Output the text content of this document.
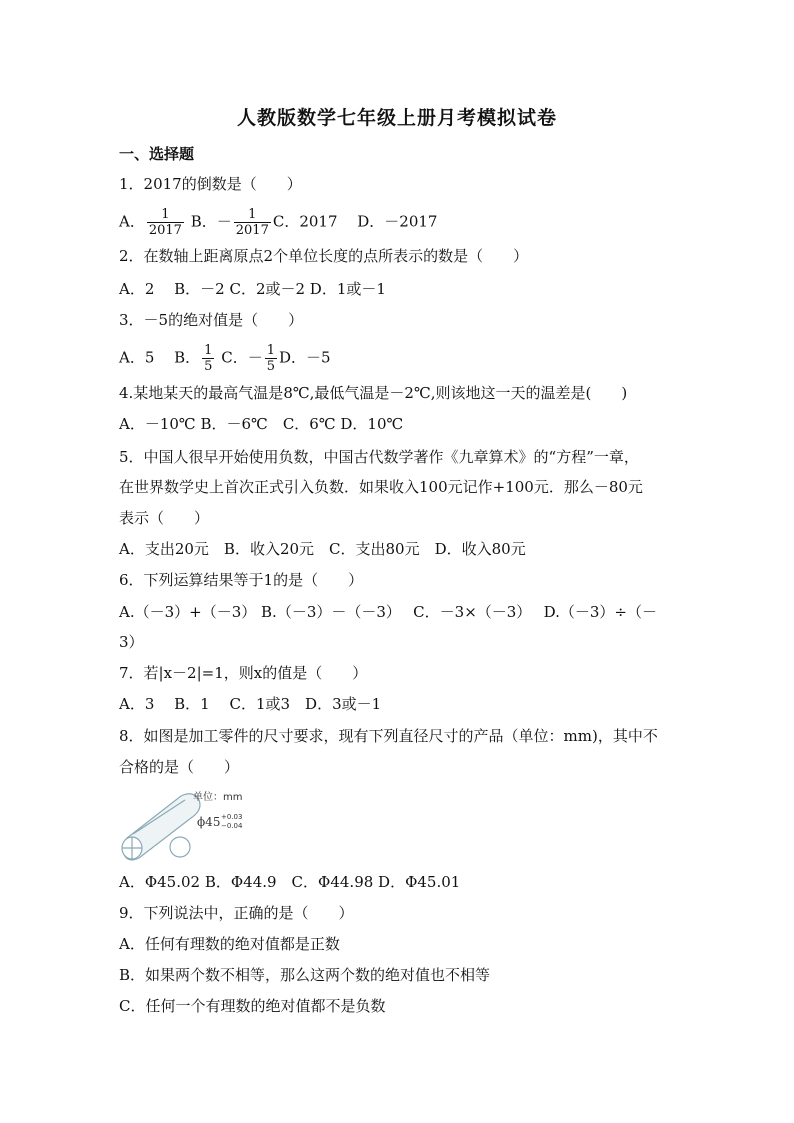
人教版数学七年级上册月考模拟试卷
一、选择题
1．2017的倒数是（　　）
A． $\frac{1}{2017}$ B．－ $\frac{1}{2017}$ C．2017　 D．－2017
2．在数轴上距离原点2个单位长度的点所表示的数是（　　）
A．2　 B．－2 C．2或－2 D．1或－1
3．－5的绝对值是（　　）
A．5　 B． $\frac{1}{5}$ C．－ $\frac{1}{5}$ D．－5
4.某地某天的最高气温是8℃,最低气温是－2℃,则该地这一天的温差是(　　)
A．－10℃ B．－6℃　C．6℃ D．10℃
5．中国人很早开始使用负数，中国古代数学著作《九章算术》的“方程”一章，
在世界数学史上首次正式引入负数．如果收入100元记作+100元．那么－80元
表示（　　）
A．支出20元　B．收入20元　C．支出80元　D．收入80元
6．下列运算结果等于1的是（　　）
A.（－3）+（－3） B.（－3）－（－3）　 C．－3×（－3）　 D.（－3）÷（－
3）
7．若|x－2|=1，则x的值是（　　）
A．3　 B．1　 C．1或3　D．3或－1
8．如图是加工零件的尺寸要求，现有下列直径尺寸的产品（单位：mm)，其中不
合格的是（　　）
单位：mm
ϕ45 +0.03
−0.04
A．Φ45.02 B．Φ44.9　C．Φ44.98 D．Φ45.01
9．下列说法中，正确的是（　　）
A．任何有理数的绝对值都是正数
B．如果两个数不相等，那么这两个数的绝对值也不相等
C．任何一个有理数的绝对值都不是负数
